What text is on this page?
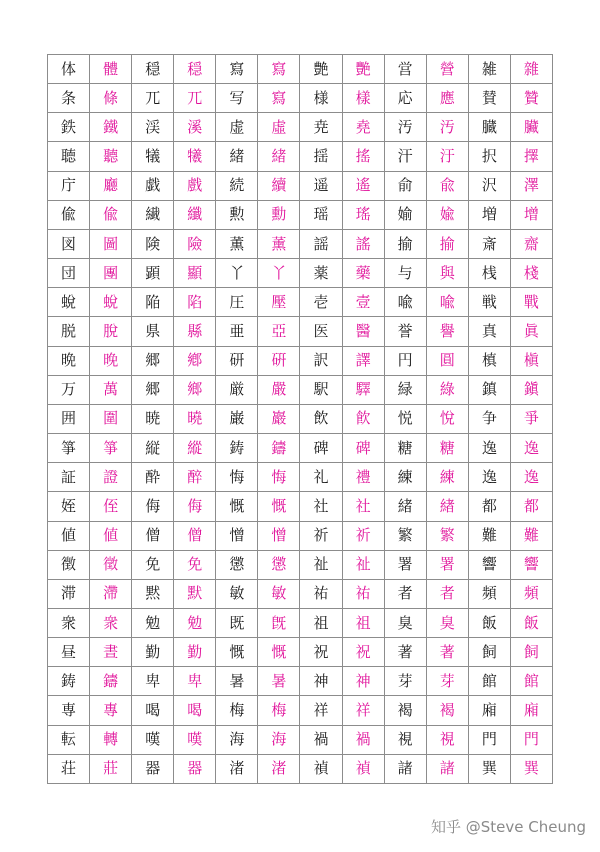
体	體	穏	穏	寫	寫	艶	艷	営	營	雑	雜
条	條	兀	兀	写	寫	様	樣	応	應	賛	贊
鉄	鐵	渓	溪	虚	虛	尭	堯	汚	汚	臓	臟
聴	聽	犠	犧	緒	緒	揺	搖	汗	汙	択	擇
庁	廳	戯	戲	続	續	遥	遙	俞	兪	沢	澤
偸	偸	繊	纖	勲	勳	瑶	瑤	媮	婾	増	增
図	圖	険	險	薫	薰	謡	謠	揄	揄	斎	齋
団	團	顕	顯	丫	丫	薬	藥	与	與	桟	棧
蛻	蛻	陥	陷	圧	壓	壱	壹	喩	喩	戦	戰
脱	脫	県	縣	亜	亞	医	醫	誉	譽	真	眞
晩	晚	郷	鄕	研	硏	訳	譯	円	圓	槙	槇
万	萬	郷	鄉	厳	嚴	駅	驛	緑	綠	鎮	鎭
囲	圍	暁	曉	巌	巖	飲	飮	悦	悅	争	爭
箏	箏	縦	縱	鋳	鑄	碑	碑	糖	糖	逸	逸
証	證	酔	醉	悔	悔	礼	禮	練	練	逸	逸
姪	侄	侮	侮	慨	慨	社	社	緒	緖	都	都
値	値	僧	僧	憎	憎	祈	祈	繁	繁	難	難
徴	徵	免	免	懲	懲	祉	祉	署	署	響	響
滞	滯	黙	默	敏	敏	祐	祐	者	者	頻	頻
衆	衆	勉	勉	既	旣	祖	祖	臭	臭	飯	飯
昼	晝	勤	勤	慨	慨	祝	祝	著	著	飼	飼
鋳	鑄	卑	卑	暑	暑	神	神	芽	芽	館	館
専	專	喝	喝	梅	梅	祥	祥	褐	褐	廂	廂
転	轉	嘆	嘆	海	海	禍	禍	視	視	門	門
荘	莊	器	器	渚	渚	禎	禎	諸	諸	巽	巽
知乎 @Steve Cheung
